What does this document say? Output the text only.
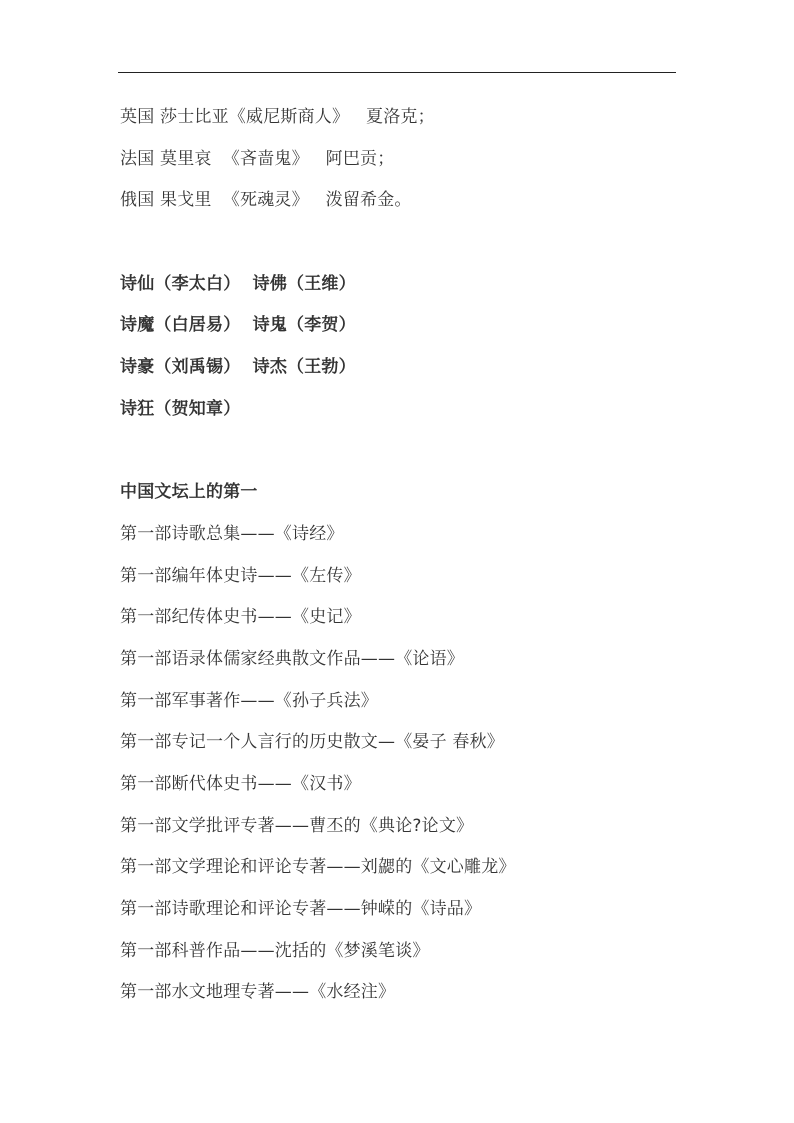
英国 莎士比亚《威尼斯商人》   夏洛克；
法国 莫里哀  《吝啬鬼》   阿巴贡；
俄国 果戈里  《死魂灵》   泼留希金。
诗仙（李太白）  诗佛（王维）
诗魔（白居易）  诗鬼（李贺）
诗豪（刘禹锡）  诗杰（王勃）
诗狂（贺知章）
中国文坛上的第一
第一部诗歌总集——《诗经》
第一部编年体史诗——《左传》
第一部纪传体史书——《史记》
第一部语录体儒家经典散文作品——《论语》
第一部军事著作——《孙子兵法》
第一部专记一个人言行的历史散文—《晏子 春秋》
第一部断代体史书——《汉书》
第一部文学批评专著——曹丕的《典论?论文》
第一部文学理论和评论专著——刘勰的《文心雕龙》
第一部诗歌理论和评论专著——钟嵘的《诗品》
第一部科普作品——沈括的《梦溪笔谈》
第一部水文地理专著——《水经注》
